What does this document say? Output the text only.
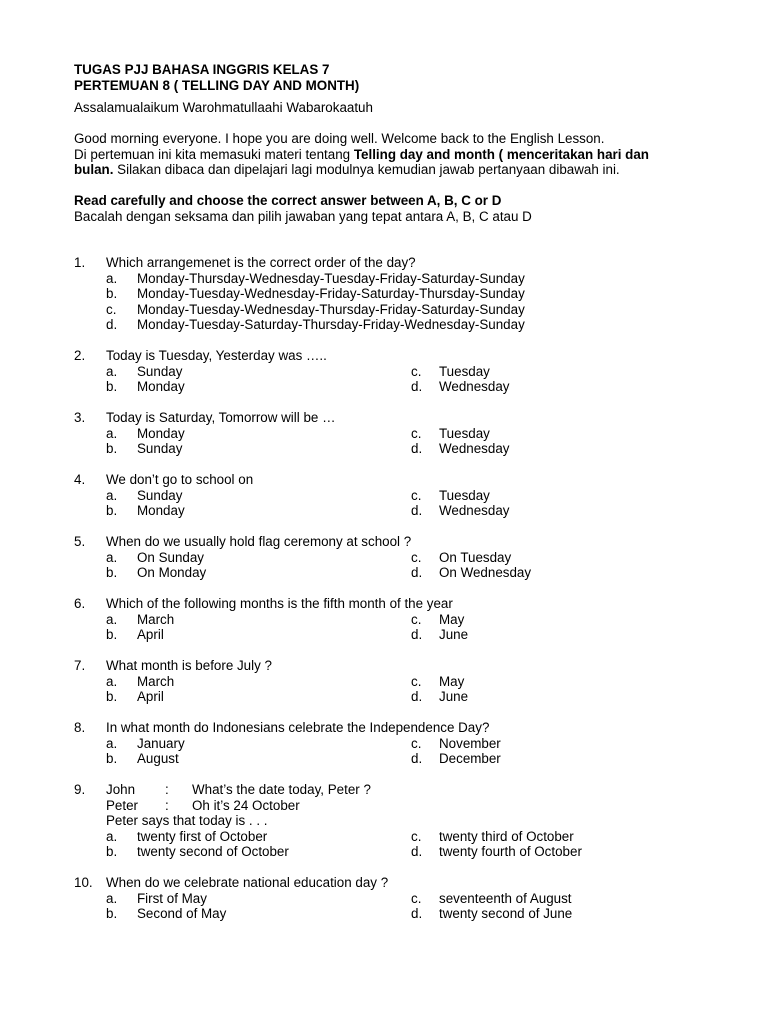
TUGAS PJJ BAHASA INGGRIS KELAS 7
PERTEMUAN 8 ( TELLING DAY AND MONTH)
Assalamualaikum Warohmatullaahi Wabarokaatuh
Good morning everyone. I hope you are doing well. Welcome back to the English Lesson.
Di pertemuan ini kita memasuki materi tentang Telling day and month ( menceritakan hari dan
bulan. Silakan dibaca dan dipelajari lagi modulnya kemudian jawab pertanyaan dibawah ini.
Read carefully and choose the correct answer between A, B, C or D
Bacalah dengan seksama dan pilih jawaban yang tepat antara A, B, C atau D
1.	Which arrangemenet is the correct order of the day?
a. Monday-Thursday-Wednesday-Tuesday-Friday-Saturday-Sunday
b. Monday-Tuesday-Wednesday-Friday-Saturday-Thursday-Sunday
c. Monday-Tuesday-Wednesday-Thursday-Friday-Saturday-Sunday
d. Monday-Tuesday-Saturday-Thursday-Friday-Wednesday-Sunday
2.	Today is Tuesday, Yesterday was …..
a. Sunday	c. Tuesday
b. Monday	d. Wednesday
3.	Today is Saturday, Tomorrow will be …
a. Monday	c. Tuesday
b. Sunday	d. Wednesday
4.	We don’t go to school on
a. Sunday	c. Tuesday
b. Monday	d. Wednesday
5.	When do we usually hold flag ceremony at school ?
a. On Sunday	c. On Tuesday
b. On Monday	d. On Wednesday
6.	Which of the following months is the fifth month of the year
a. March	c. May
b. April	d. June
7.	What month is before July ?
a. March	c. May
b. April	d. June
8.	In what month do Indonesians celebrate the Independence Day?
a. January	c. November
b. August	d. December
9. John : What’s the date today, Peter ?
Peter : Oh it’s 24 October
Peter says that today is . . .
a. twenty first of October	c. twenty third of October
b. twenty second of October	d. twenty fourth of October
10. When do we celebrate national education day ?
a. First of May	c. seventeenth of August
b. Second of May	d. twenty second of June
